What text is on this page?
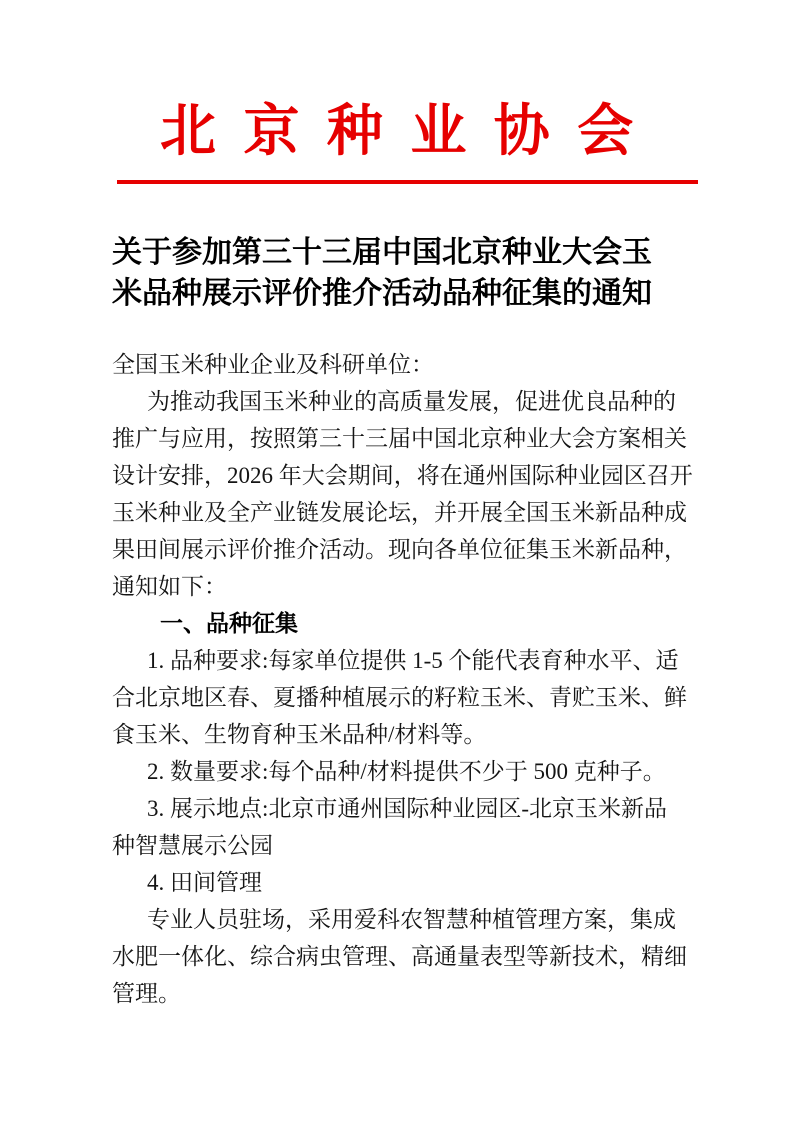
北 京 种 业 协 会
关于参加第三十三届中国北京种业大会玉
米品种展示评价推介活动品种征集的通知
全国玉米种业企业及科研单位：
为推动我国玉米种业的高质量发展，促进优良品种的
推广与应用，按照第三十三届中国北京种业大会方案相关
设计安排，2026 年大会期间，将在通州国际种业园区召开
玉米种业及全产业链发展论坛，并开展全国玉米新品种成
果田间展示评价推介活动。现向各单位征集玉米新品种，
通知如下：
一、品种征集
1. 品种要求:每家单位提供 1-5 个能代表育种水平、适
合北京地区春、夏播种植展示的籽粒玉米、青贮玉米、鲜
食玉米、生物育种玉米品种/材料等。
2. 数量要求:每个品种/材料提供不少于 500 克种子。
3. 展示地点:北京市通州国际种业园区-北京玉米新品
种智慧展示公园
4. 田间管理
专业人员驻场，采用爱科农智慧种植管理方案，集成
水肥一体化、综合病虫管理、高通量表型等新技术，精细
管理。
